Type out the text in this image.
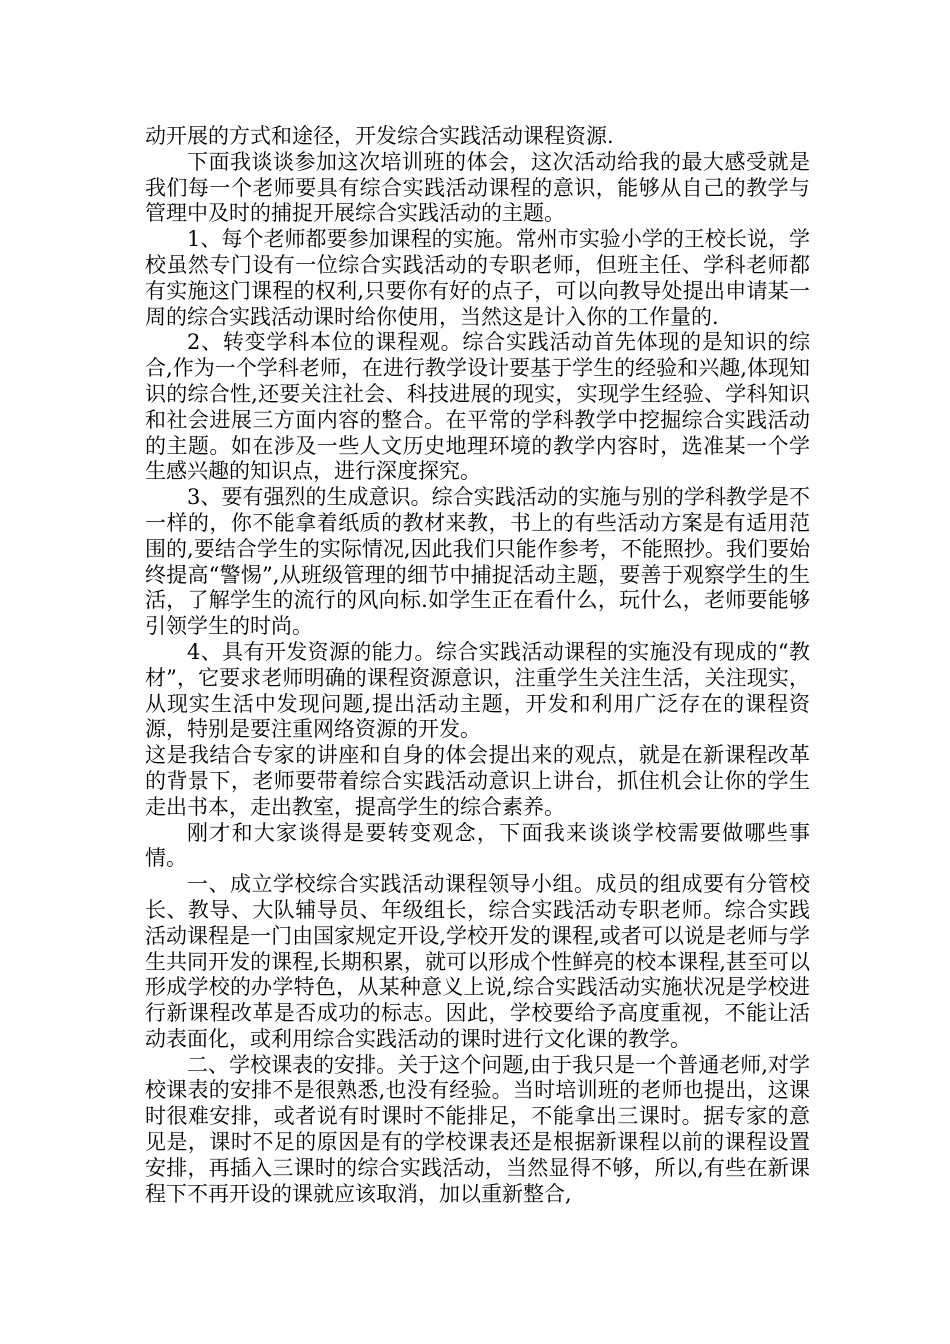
动开展的方式和途径，开发综合实践活动课程资源.

下面我谈谈参加这次培训班的体会，这次活动给我的最大感受就是我们每一个老师要具有综合实践活动课程的意识，能够从自己的教学与管理中及时的捕捉开展综合实践活动的主题。

1、每个老师都要参加课程的实施。常州市实验小学的王校长说，学校虽然专门设有一位综合实践活动的专职老师，但班主任、学科老师都有实施这门课程的权利,只要你有好的点子，可以向教导处提出申请某一周的综合实践活动课时给你使用，当然这是计入你的工作量的.

2、转变学科本位的课程观。综合实践活动首先体现的是知识的综合,作为一个学科老师，在进行教学设计要基于学生的经验和兴趣,体现知识的综合性,还要关注社会、科技进展的现实，实现学生经验、学科知识和社会进展三方面内容的整合。在平常的学科教学中挖掘综合实践活动的主题。如在涉及一些人文历史地理环境的教学内容时，选准某一个学生感兴趣的知识点，进行深度探究。

3、要有强烈的生成意识。综合实践活动的实施与别的学科教学是不一样的，你不能拿着纸质的教材来教，书上的有些活动方案是有适用范围的,要结合学生的实际情况,因此我们只能作参考，不能照抄。我们要始终提高“警惕”,从班级管理的细节中捕捉活动主题，要善于观察学生的生活，了解学生的流行的风向标.如学生正在看什么，玩什么，老师要能够引领学生的时尚。

4、具有开发资源的能力。综合实践活动课程的实施没有现成的“教材”，它要求老师明确的课程资源意识，注重学生关注生活，关注现实，从现实生活中发现问题,提出活动主题，开发和利用广泛存在的课程资源，特别是要注重网络资源的开发。

这是我结合专家的讲座和自身的体会提出来的观点，就是在新课程改革的背景下，老师要带着综合实践活动意识上讲台，抓住机会让你的学生走出书本，走出教室，提高学生的综合素养。

刚才和大家谈得是要转变观念，下面我来谈谈学校需要做哪些事情。

一、成立学校综合实践活动课程领导小组。成员的组成要有分管校长、教导、大队辅导员、年级组长，综合实践活动专职老师。综合实践活动课程是一门由国家规定开设,学校开发的课程,或者可以说是老师与学生共同开发的课程,长期积累，就可以形成个性鲜亮的校本课程,甚至可以形成学校的办学特色，从某种意义上说,综合实践活动实施状况是学校进行新课程改革是否成功的标志。因此，学校要给予高度重视，不能让活动表面化，或利用综合实践活动的课时进行文化课的教学。

二、学校课表的安排。关于这个问题,由于我只是一个普通老师,对学校课表的安排不是很熟悉,也没有经验。当时培训班的老师也提出，这课时很难安排，或者说有时课时不能排足，不能拿出三课时。据专家的意见是，课时不足的原因是有的学校课表还是根据新课程以前的课程设置安排，再插入三课时的综合实践活动，当然显得不够，所以,有些在新课程下不再开设的课就应该取消，加以重新整合,
